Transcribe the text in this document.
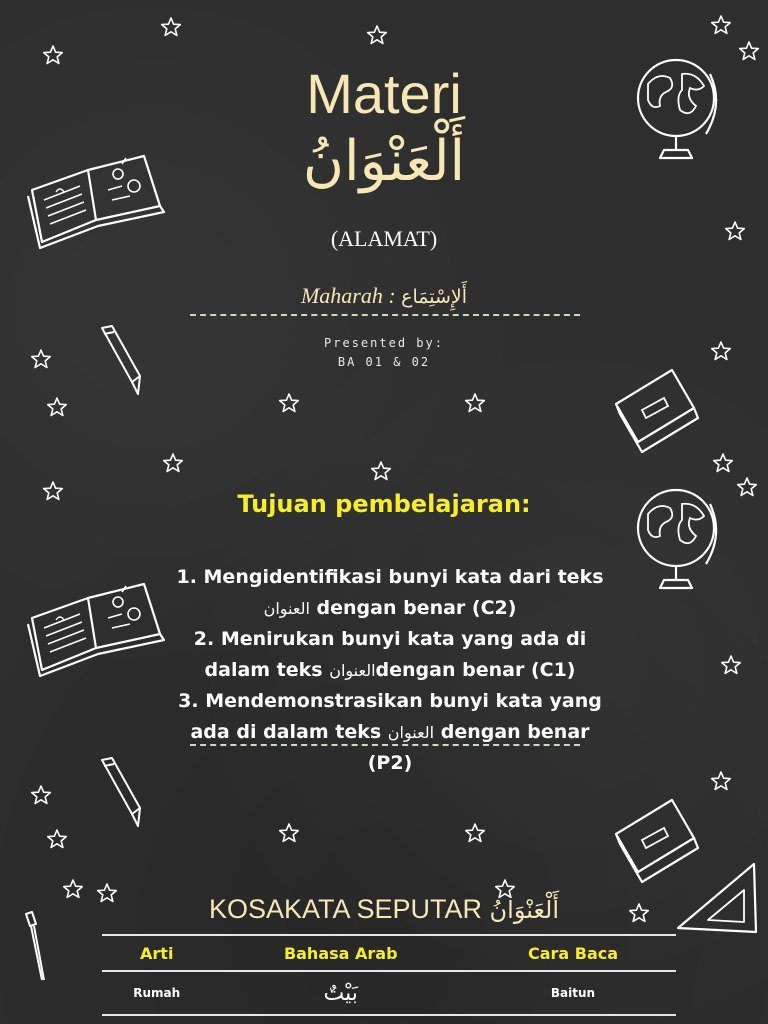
Materi
أَلْعَنْوَانُ
(ALAMAT)
Maharah : أَلإِسْتِمَاع
Presented by:
BA 01 & 02
Tujuan pembelajaran:
1. Mengidentifikasi bunyi kata dari teks العنوان dengan benar (C2)
2. Menirukan bunyi kata yang ada di dalam teks العنوانdengan benar (C1)
3. Mendemonstrasikan bunyi kata yang ada di dalam teks العنوان dengan benar (P2)
KOSAKATA SEPUTAR أَلْعَنْوَانُ
Arti	Bahasa Arab	Cara Baca
Rumah	بَيْتٌ	Baitun
